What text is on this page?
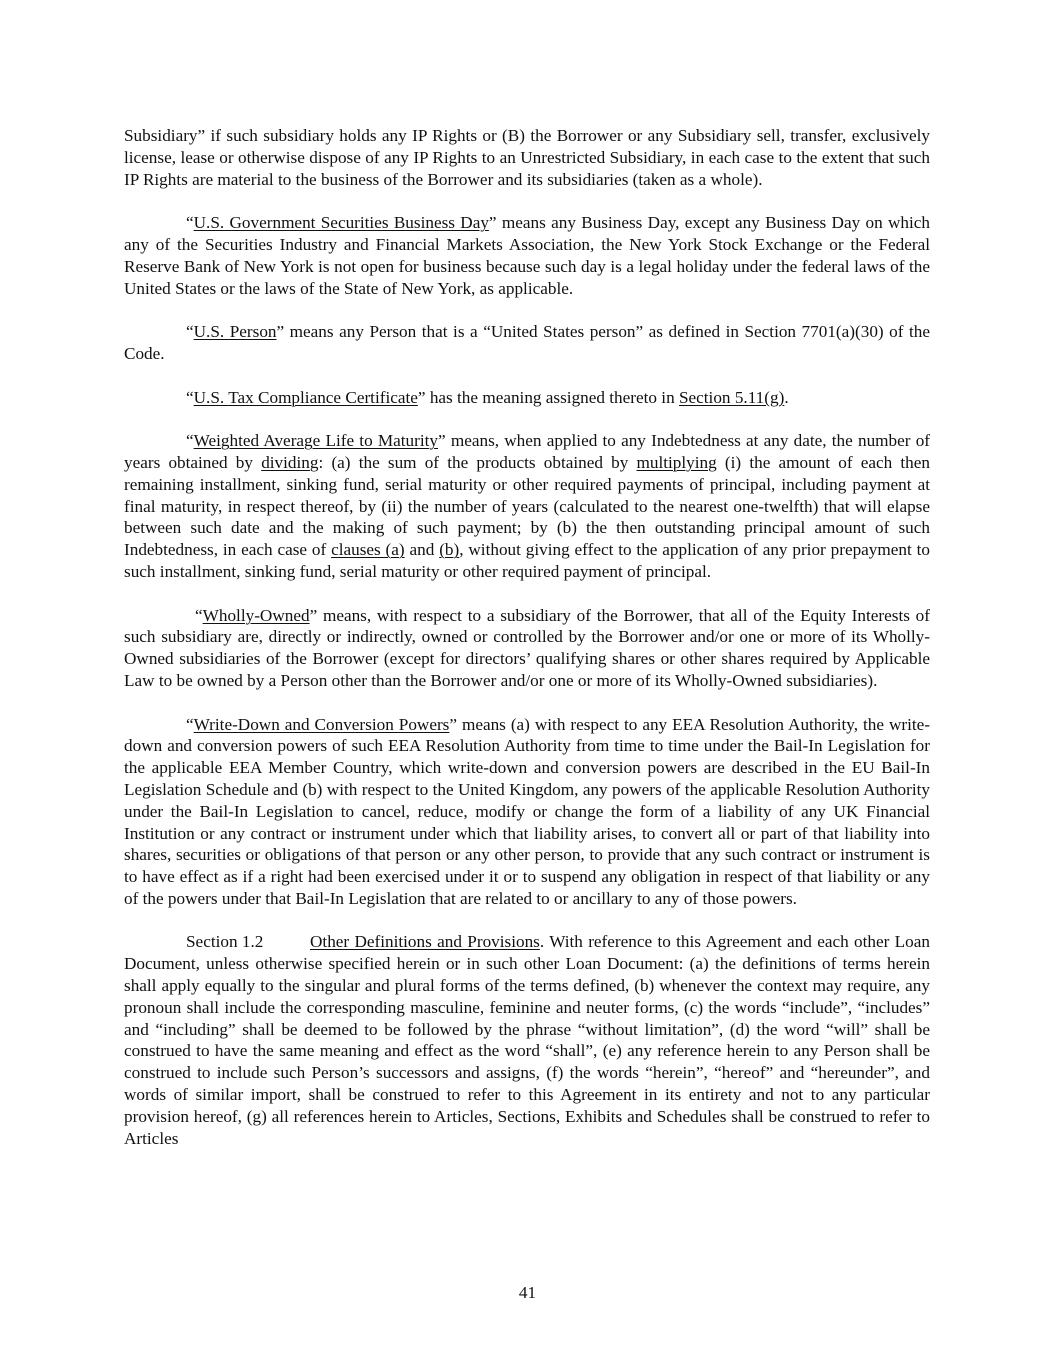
Subsidiary” if such subsidiary holds any IP Rights or (B) the Borrower or any Subsidiary sell, transfer, exclusively license, lease or otherwise dispose of any IP Rights to an Unrestricted Subsidiary, in each case to the extent that such IP Rights are material to the business of the Borrower and its subsidiaries (taken as a whole).

“U.S. Government Securities Business Day” means any Business Day, except any Business Day on which any of the Securities Industry and Financial Markets Association, the New York Stock Exchange or the Federal Reserve Bank of New York is not open for business because such day is a legal holiday under the federal laws of the United States or the laws of the State of New York, as applicable.

“U.S. Person” means any Person that is a “United States person” as defined in Section 7701(a)(30) of the Code.

“U.S. Tax Compliance Certificate” has the meaning assigned thereto in Section 5.11(g).

“Weighted Average Life to Maturity” means, when applied to any Indebtedness at any date, the number of years obtained by dividing: (a) the sum of the products obtained by multiplying (i) the amount of each then remaining installment, sinking fund, serial maturity or other required payments of principal, including payment at final maturity, in respect thereof, by (ii) the number of years (calculated to the nearest one-twelfth) that will elapse between such date and the making of such payment; by (b) the then outstanding principal amount of such Indebtedness, in each case of clauses (a) and (b), without giving effect to the application of any prior prepayment to such installment, sinking fund, serial maturity or other required payment of principal.

“Wholly-Owned” means, with respect to a subsidiary of the Borrower, that all of the Equity Interests of such subsidiary are, directly or indirectly, owned or controlled by the Borrower and/or one or more of its Wholly-Owned subsidiaries of the Borrower (except for directors’ qualifying shares or other shares required by Applicable Law to be owned by a Person other than the Borrower and/or one or more of its Wholly-Owned subsidiaries).

“Write-Down and Conversion Powers” means (a) with respect to any EEA Resolution Authority, the write-down and conversion powers of such EEA Resolution Authority from time to time under the Bail-In Legislation for the applicable EEA Member Country, which write-down and conversion powers are described in the EU Bail-In Legislation Schedule and (b) with respect to the United Kingdom, any powers of the applicable Resolution Authority under the Bail-In Legislation to cancel, reduce, modify or change the form of a liability of any UK Financial Institution or any contract or instrument under which that liability arises, to convert all or part of that liability into shares, securities or obligations of that person or any other person, to provide that any such contract or instrument is to have effect as if a right had been exercised under it or to suspend any obligation in respect of that liability or any of the powers under that Bail-In Legislation that are related to or ancillary to any of those powers.

Section 1.2	Other Definitions and Provisions. With reference to this Agreement and each other Loan Document, unless otherwise specified herein or in such other Loan Document: (a) the definitions of terms herein shall apply equally to the singular and plural forms of the terms defined, (b) whenever the context may require, any pronoun shall include the corresponding masculine, feminine and neuter forms, (c) the words “include”, “includes” and “including” shall be deemed to be followed by the phrase “without limitation”, (d) the word “will” shall be construed to have the same meaning and effect as the word “shall”, (e) any reference herein to any Person shall be construed to include such Person’s successors and assigns, (f) the words “herein”, “hereof” and “hereunder”, and words of similar import, shall be construed to refer to this Agreement in its entirety and not to any particular provision hereof, (g) all references herein to Articles, Sections, Exhibits and Schedules shall be construed to refer to Articles

41
